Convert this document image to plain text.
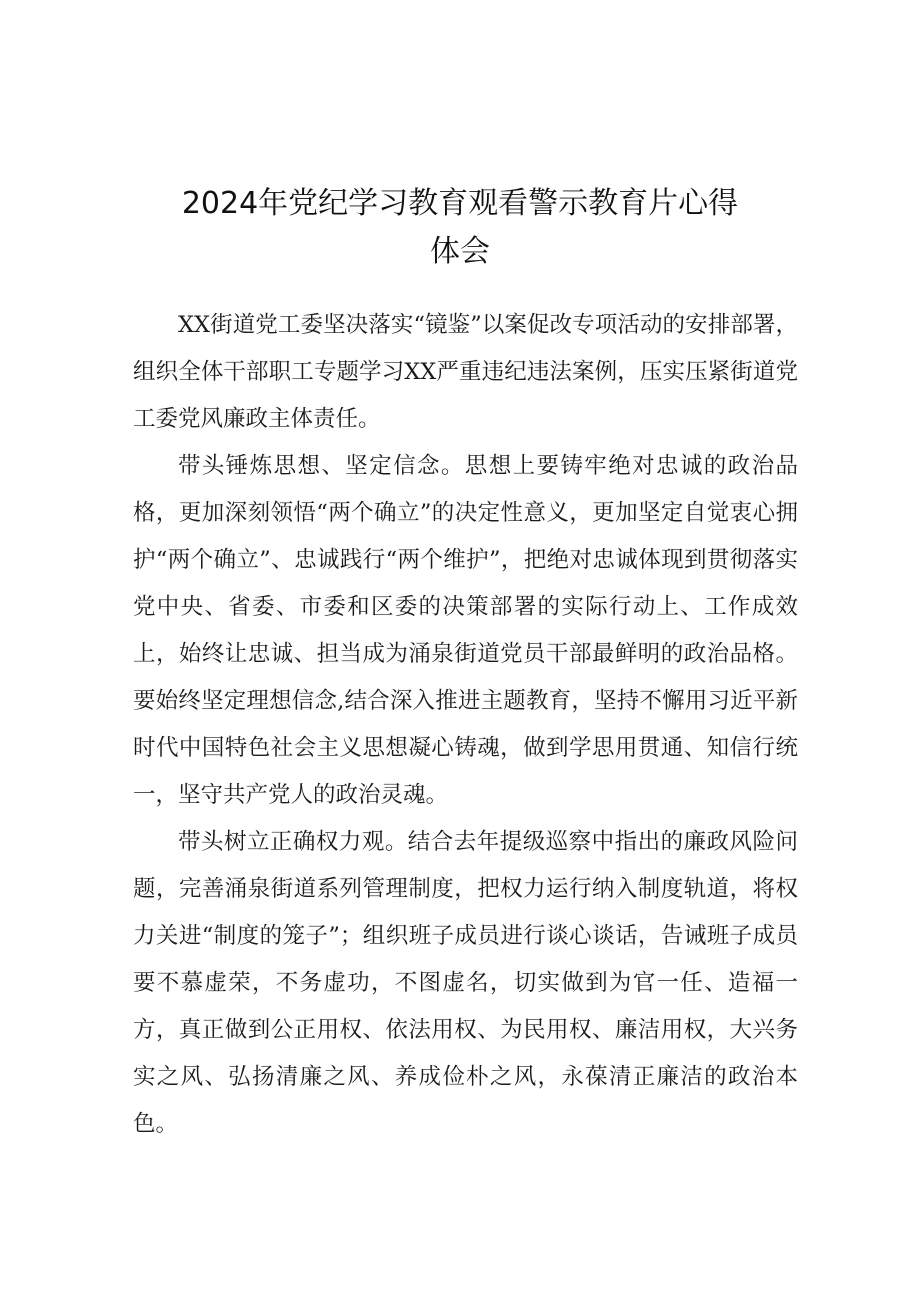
2024年党纪学习教育观看警示教育片心得
体会

XX街道党工委坚决落实“镜鉴”以案促改专项活动的安排部署，组织全体干部职工专题学习XX严重违纪违法案例，压实压紧街道党工委党风廉政主体责任。

带头锤炼思想、坚定信念。思想上要铸牢绝对忠诚的政治品格，更加深刻领悟“两个确立”的决定性意义，更加坚定自觉衷心拥护“两个确立”、忠诚践行“两个维护”，把绝对忠诚体现到贯彻落实党中央、省委、市委和区委的决策部署的实际行动上、工作成效上，始终让忠诚、担当成为涌泉街道党员干部最鲜明的政治品格。要始终坚定理想信念,结合深入推进主题教育，坚持不懈用习近平新时代中国特色社会主义思想凝心铸魂，做到学思用贯通、知信行统一，坚守共产党人的政治灵魂。

带头树立正确权力观。结合去年提级巡察中指出的廉政风险问题，完善涌泉街道系列管理制度，把权力运行纳入制度轨道，将权力关进“制度的笼子”；组织班子成员进行谈心谈话，告诫班子成员要不慕虚荣，不务虚功，不图虚名，切实做到为官一任、造福一方，真正做到公正用权、依法用权、为民用权、廉洁用权，大兴务实之风、弘扬清廉之风、养成俭朴之风，永葆清正廉洁的政治本色。
